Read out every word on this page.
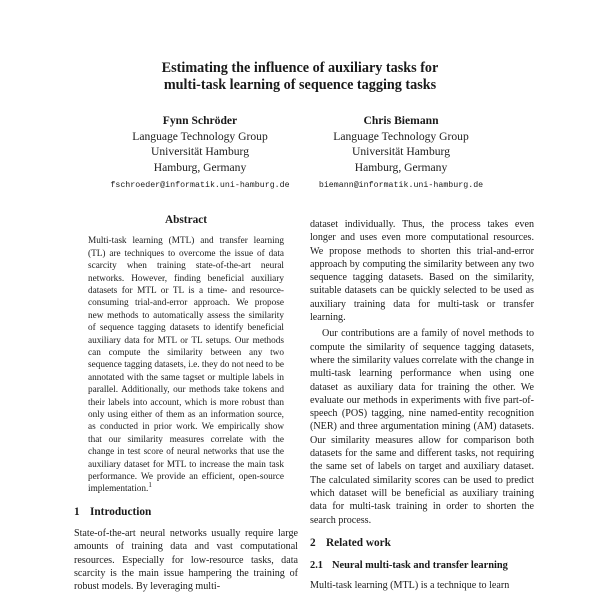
Estimating the influence of auxiliary tasks for
multi-task learning of sequence tagging tasks
Fynn Schröder
Language Technology Group
Universität Hamburg
Hamburg, Germany
fschroeder@informatik.uni-hamburg.de
Chris Biemann
Language Technology Group
Universität Hamburg
Hamburg, Germany
biemann@informatik.uni-hamburg.de
Abstract

Multi-task learning (MTL) and transfer learning (TL) are techniques to overcome the issue of data scarcity when training state-of-the-art neural networks. However, finding beneficial auxiliary datasets for MTL or TL is a time- and resource-consuming trial-and-error approach. We propose new methods to automatically assess the similarity of sequence tagging datasets to identify beneficial auxiliary data for MTL or TL setups. Our methods can compute the similarity between any two sequence tagging datasets, i.e. they do not need to be annotated with the same tagset or multiple labels in parallel. Additionally, our methods take tokens and their labels into account, which is more robust than only using either of them as an information source, as conducted in prior work. We empirically show that our similarity measures correlate with the change in test score of neural networks that use the auxiliary dataset for MTL to increase the main task performance. We provide an efficient, open-source implementation.$^1$

1 Introduction

State-of-the-art neural networks usually require large amounts of training data and vast computational resources. Especially for low-resource tasks, data scarcity is the main issue hampering the training of robust models. By leveraging multi-

dataset individually. Thus, the process takes even longer and uses even more computational resources. We propose methods to shorten this trial-and-error approach by computing the similarity between any two sequence tagging datasets. Based on the similarity, suitable datasets can be quickly selected to be used as auxiliary training data for multi-task or transfer learning.

Our contributions are a family of novel methods to compute the similarity of sequence tagging datasets, where the similarity values correlate with the change in multi-task learning performance when using one dataset as auxiliary data for training the other. We evaluate our methods in experiments with five part-of-speech (POS) tagging, nine named-entity recognition (NER) and three argumentation mining (AM) datasets. Our similarity measures allow for comparison both datasets for the same and different tasks, not requiring the same set of labels on target and auxiliary dataset. The calculated similarity scores can be used to predict which dataset will be beneficial as auxiliary training data for multi-task training in order to shorten the search process.

2 Related work
2.1 Neural multi-task and transfer learning

Multi-task learning (MTL) is a technique to learn
